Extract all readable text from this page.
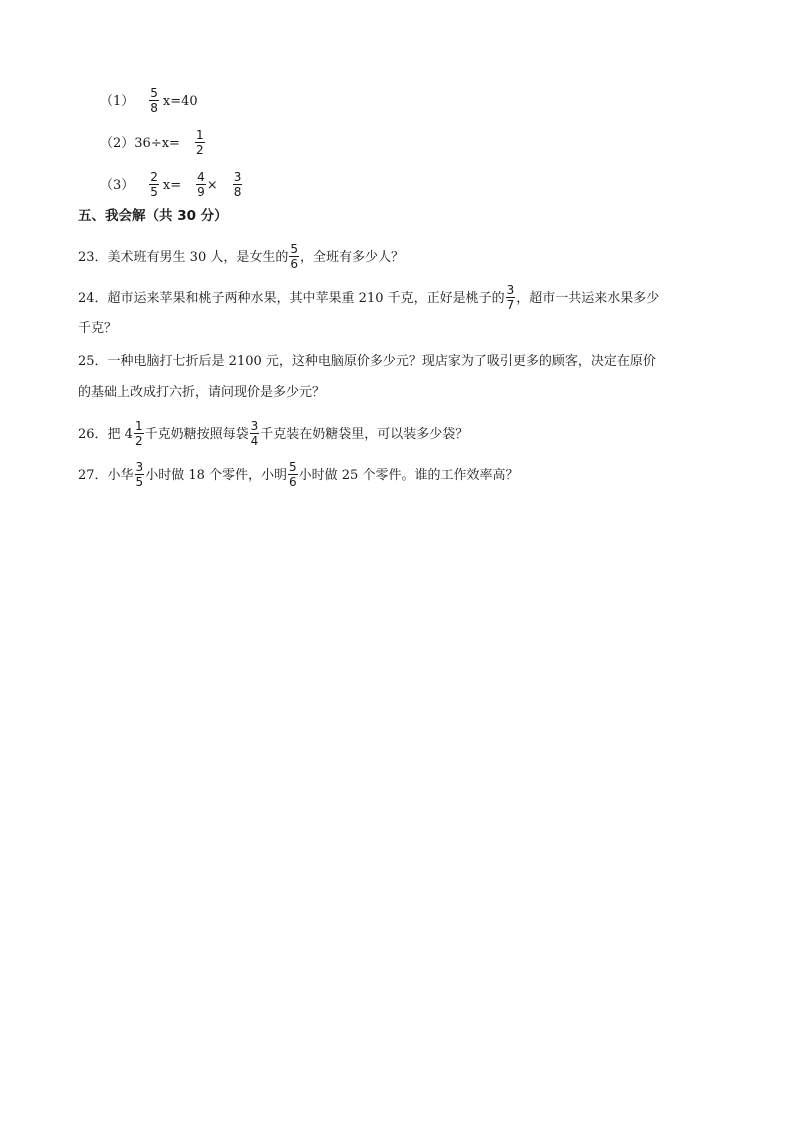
$(1) \frac{5}{8} x=40$
$(2)36\div x= \frac{1}{2}$
$(3) \frac{2}{5} x= \frac{4}{9} \times \frac{3}{8}$
五、我会解（共 30 分）
23．美术班有男生 30 人，是女生的 $\frac{5}{6}$ ，全班有多少人？
24．超市运来苹果和桃子两种水果，其中苹果重 210 千克，正好是桃子的 $\frac{3}{7}$ ，超市一共运来水果多少
千克？
25．一种电脑打七折后是 2100 元，这种电脑原价多少元？现店家为了吸引更多的顾客，决定在原价
的基础上改成打六折，请问现价是多少元？
26．把 $4 \frac{1}{2}$ 千克奶糖按照每袋 $\frac{3}{4}$ 千克装在奶糖袋里，可以装多少袋？
27．小华 $\frac{3}{5}$ 小时做 18 个零件，小明 $\frac{5}{6}$ 小时做 25 个零件。谁的工作效率高？
